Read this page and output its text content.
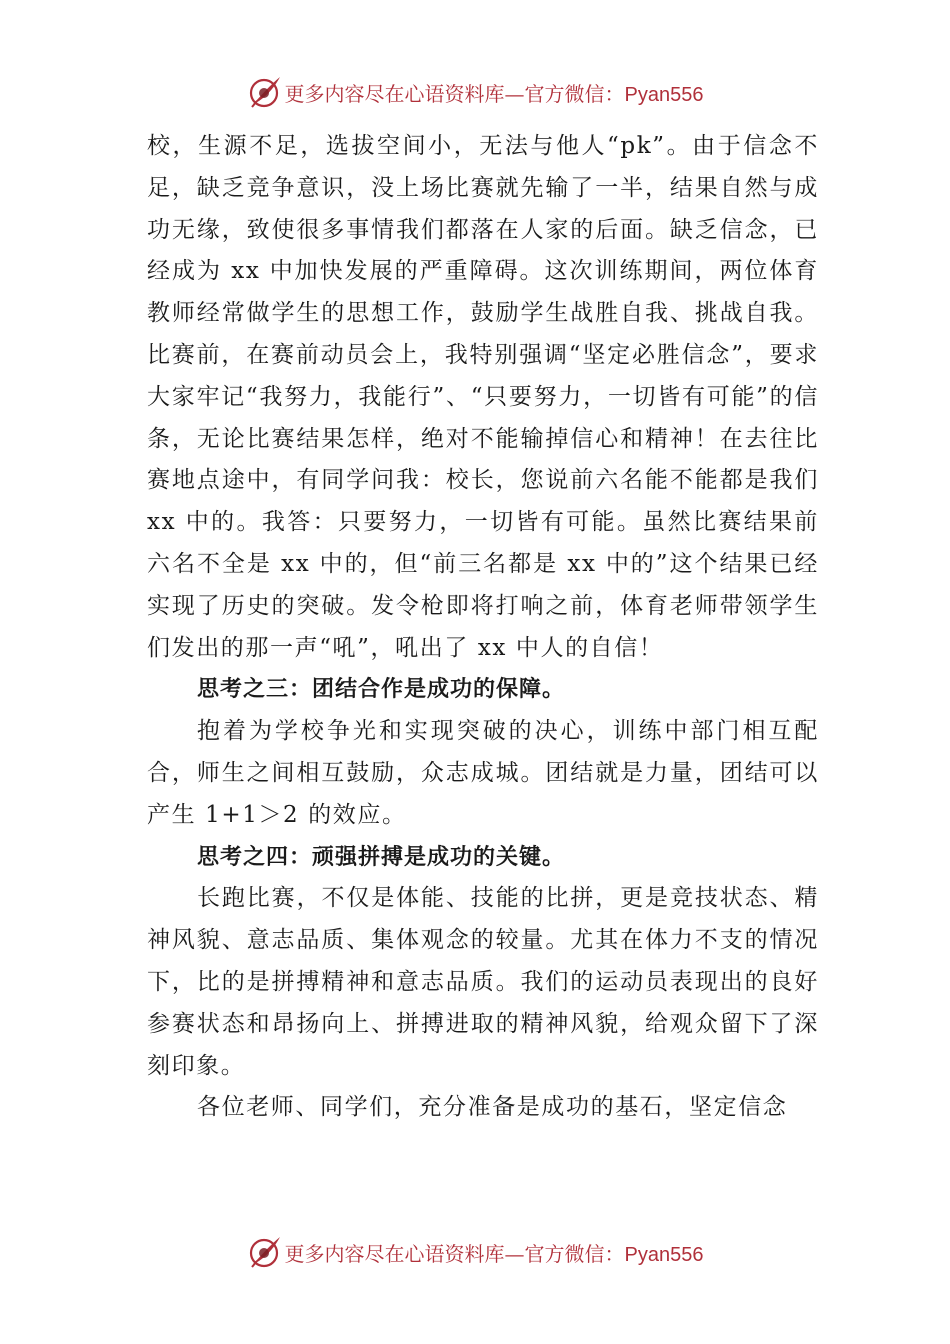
更多内容尽在心语资料库—官方微信：Pyan556

校，生源不足，选拔空间小，无法与他人“pk”。由于信念不足，缺乏竞争意识，没上场比赛就先输了一半，结果自然与成功无缘，致使很多事情我们都落在人家的后面。缺乏信念，已经成为 xx 中加快发展的严重障碍。这次训练期间，两位体育教师经常做学生的思想工作，鼓励学生战胜自我、挑战自我。比赛前，在赛前动员会上，我特别强调“坚定必胜信念”，要求大家牢记“我努力，我能行”、“只要努力，一切皆有可能”的信条，无论比赛结果怎样，绝对不能输掉信心和精神！在去往比赛地点途中，有同学问我：校长，您说前六名能不能都是我们 xx 中的。我答：只要努力，一切皆有可能。虽然比赛结果前六名不全是 xx 中的，但“前三名都是 xx 中的”这个结果已经实现了历史的突破。发令枪即将打响之前，体育老师带领学生们发出的那一声“吼”，吼出了 xx 中人的自信！

思考之三：团结合作是成功的保障。

抱着为学校争光和实现突破的决心，训练中部门相互配合，师生之间相互鼓励，众志成城。团结就是力量，团结可以产生 1+1＞2 的效应。

思考之四：顽强拼搏是成功的关键。

长跑比赛，不仅是体能、技能的比拼，更是竞技状态、精神风貌、意志品质、集体观念的较量。尤其在体力不支的情况下，比的是拼搏精神和意志品质。我们的运动员表现出的良好参赛状态和昂扬向上、拼搏进取的精神风貌，给观众留下了深刻印象。

各位老师、同学们，充分准备是成功的基石，坚定信念

更多内容尽在心语资料库—官方微信：Pyan556
